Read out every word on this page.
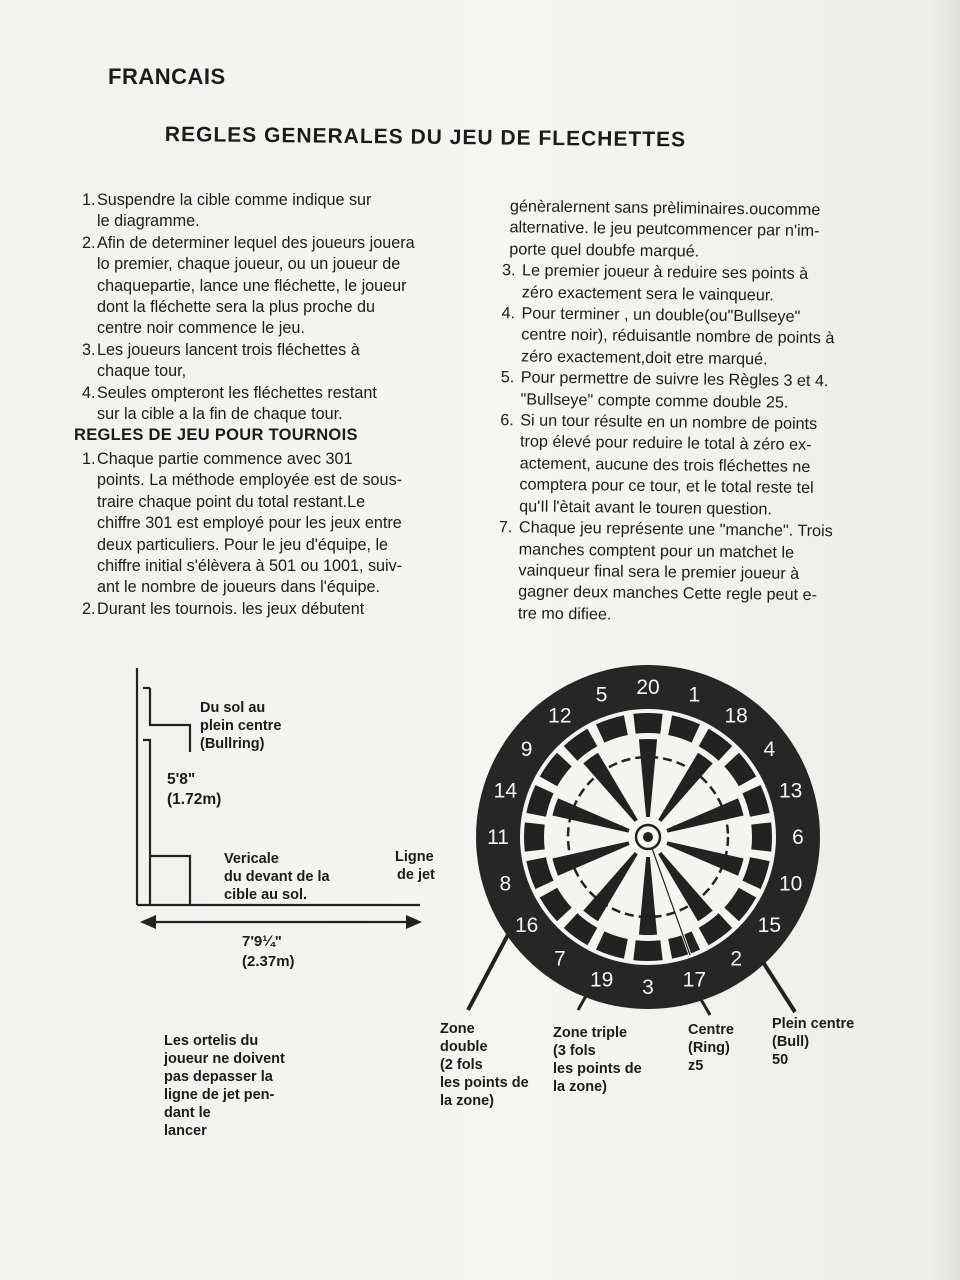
FRANCAIS
REGLES GENERALES DU JEU DE FLECHETTES
1. Suspendre la cible comme indique sur
le diagramme.
2. Afin de determiner lequel des joueurs jouera
lo premier, chaque joueur, ou un joueur de
chaquepartie, lance une fléchette, le joueur
dont la fléchette sera la plus proche du
centre noir commence le jeu.
3. Les joueurs lancent trois fléchettes à
chaque tour,
4. Seules ompteront les fléchettes restant
sur la cible a la fin de chaque tour.
REGLES DE JEU POUR TOURNOIS
1. Chaque partie commence avec 301
points. La méthode employée est de sous-
traire chaque point du total restant.Le
chiffre 301 est employé pour les jeux entre
deux particuliers. Pour le jeu d'équipe, le
chiffre initial s'élèvera à 501 ou 1001, suiv-
ant le nombre de joueurs dans l'équipe.
2. Durant les tournois. les jeux débutent
génèralernent sans prèliminaires.oucomme
alternative. le jeu peutcommencer par n'im-
porte quel doubfe marqué.
3. Le premier joueur à reduire ses points à
zéro exactement sera le vainqueur.
4. Pour terminer , un double(ou"Bullseye"
centre noir), réduisantle nombre de points à
zéro exactement,doit etre marqué.
5. Pour permettre de suivre les Règles 3 et 4.
"Bullseye" compte comme double 25.
6. Si un tour résulte en un nombre de points
trop élevé pour reduire le total à zéro ex-
actement, aucune des trois fléchettes ne
comptera pour ce tour, et le total reste tel
qu'Il l'ètait avant le touren question.
7. Chaque jeu représente une "manche". Trois
manches comptent pour un matchet le
vainqueur final sera le premier joueur à
gagner deux manches Cette regle peut e-
tre mo difiee.
20 1
18
4
13
6
10
15
2
17
3
19
7
16
8
11
14
9
12
5
Du sol au
plein centre
(Bullring)
5'8"
(1.72m)
Vericale
du devant de la
cible au sol.
Ligne
de jet
7'9¼"
(2.37m)
Les ortelis du
joueur ne doivent
pas depasser la
ligne de jet pen-
dant le
lancer
Zone
double
(2 fols
les points de
la zone)
Zone triple
(3 fols
les points de
la zone)
Centre
(Ring)
z5
Plein centre
(Bull)
50
